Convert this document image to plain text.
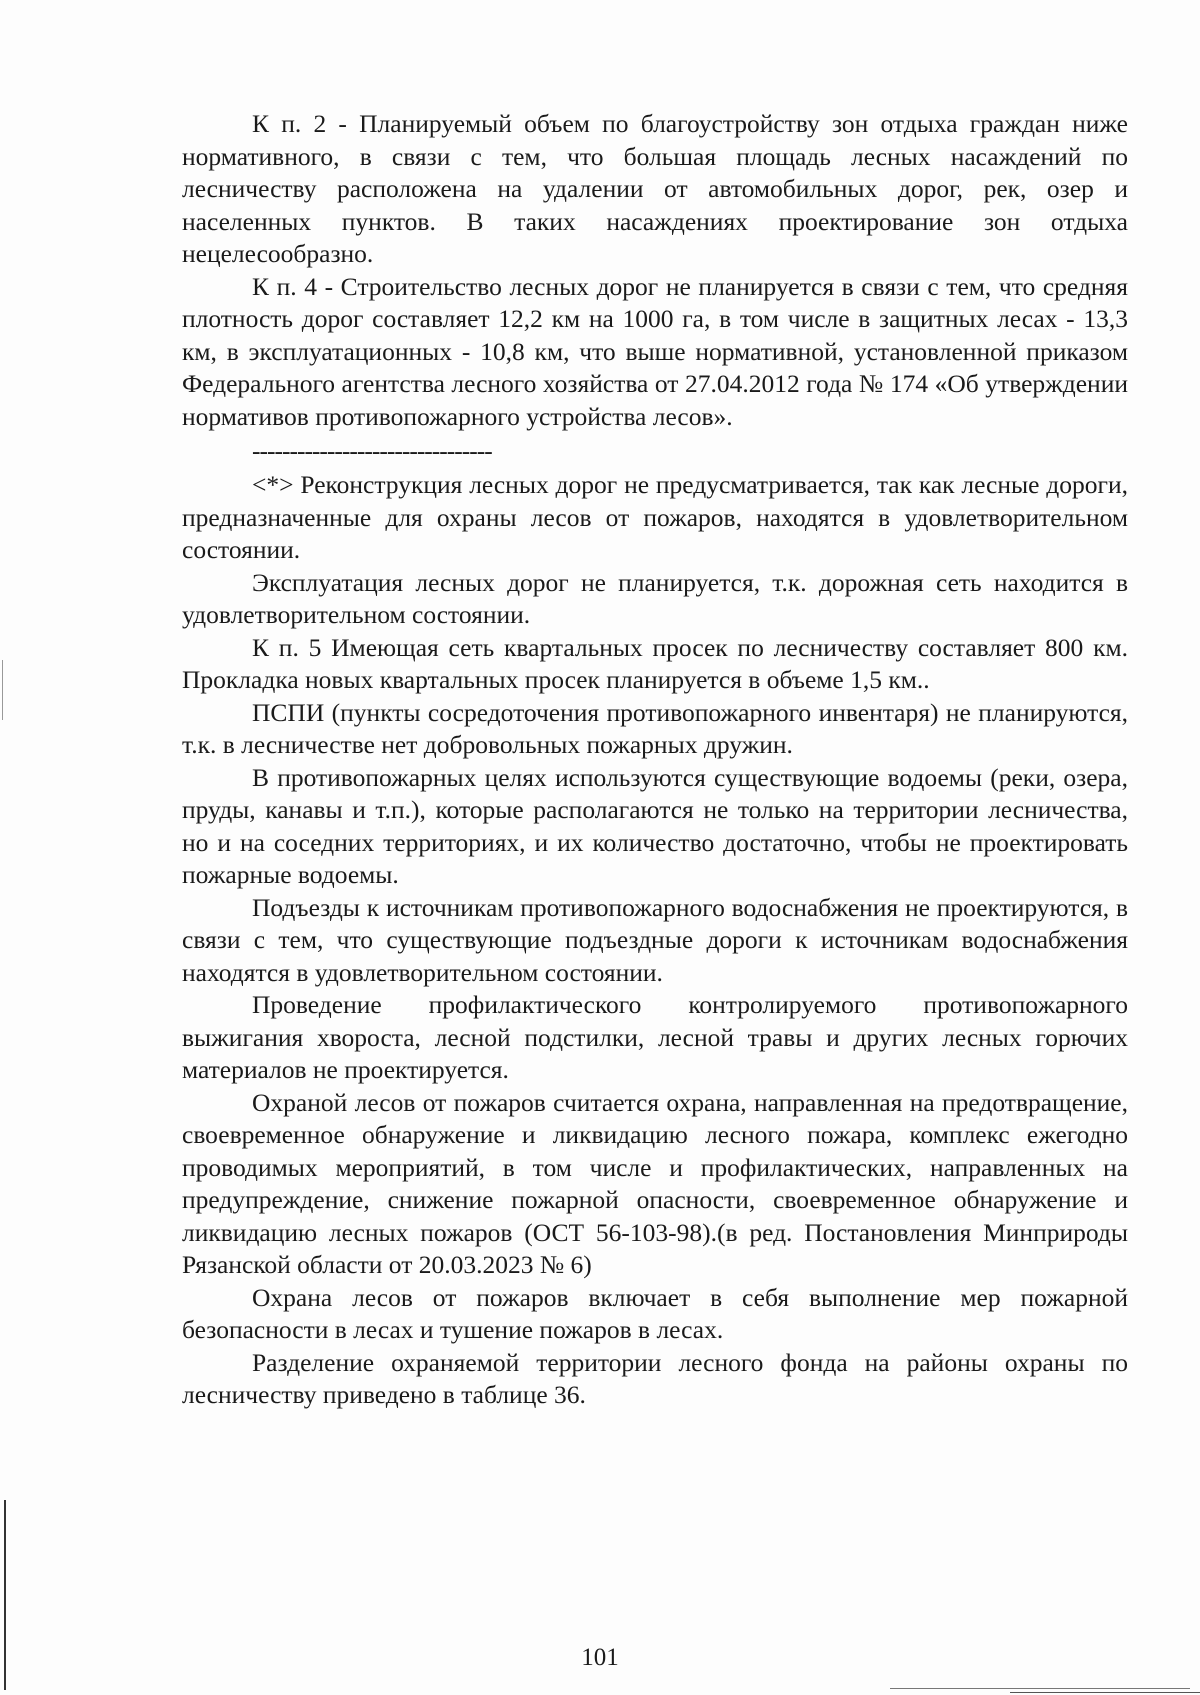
К п. 2 - Планируемый объем по благоустройству зон отдыха граждан ниже нормативного, в связи с тем, что большая площадь лесных насаждений по лесничеству расположена на удалении от автомобильных дорог, рек, озер и населенных пунктов. В таких насаждениях проектирование зон отдыха нецелесообразно.

К п. 4 - Строительство лесных дорог не планируется в связи с тем, что средняя плотность дорог составляет 12,2 км на 1000 га, в том числе в защитных лесах - 13,3 км, в эксплуатационных - 10,8 км, что выше нормативной, установленной приказом Федерального агентства лесного хозяйства от 27.04.2012 года № 174 «Об утверждении нормативов противопожарного устройства лесов».

--------------------------------

<*> Реконструкция лесных дорог не предусматривается, так как лесные дороги, предназначенные для охраны лесов от пожаров, находятся в удовлетворительном состоянии.

Эксплуатация лесных дорог не планируется, т.к. дорожная сеть находится в удовлетворительном состоянии.

К п. 5 Имеющая сеть квартальных просек по лесничеству составляет 800 км. Прокладка новых квартальных просек планируется в объеме 1,5 км..

ПСПИ (пункты сосредоточения противопожарного инвентаря) не планируются, т.к. в лесничестве нет добровольных пожарных дружин.

В противопожарных целях используются существующие водоемы (реки, озера, пруды, канавы и т.п.), которые располагаются не только на территории лесничества, но и на соседних территориях, и их количество достаточно, чтобы не проектировать пожарные водоемы.

Подъезды к источникам противопожарного водоснабжения не проектируются, в связи с тем, что существующие подъездные дороги к источникам водоснабжения находятся в удовлетворительном состоянии.

Проведение профилактического контролируемого противопожарного выжигания хвороста, лесной подстилки, лесной травы и других лесных горючих материалов не проектируется.

Охраной лесов от пожаров считается охрана, направленная на предотвращение, своевременное обнаружение и ликвидацию лесного пожара, комплекс ежегодно проводимых мероприятий, в том числе и профилактических, направленных на предупреждение, снижение пожарной опасности, своевременное обнаружение и ликвидацию лесных пожаров (ОСТ 56-103-98).(в ред. Постановления Минприроды Рязанской области от 20.03.2023 № 6)

Охрана лесов от пожаров включает в себя выполнение мер пожарной безопасности в лесах и тушение пожаров в лесах.

Разделение охраняемой территории лесного фонда на районы охраны по лесничеству приведено в таблице 36.

101
